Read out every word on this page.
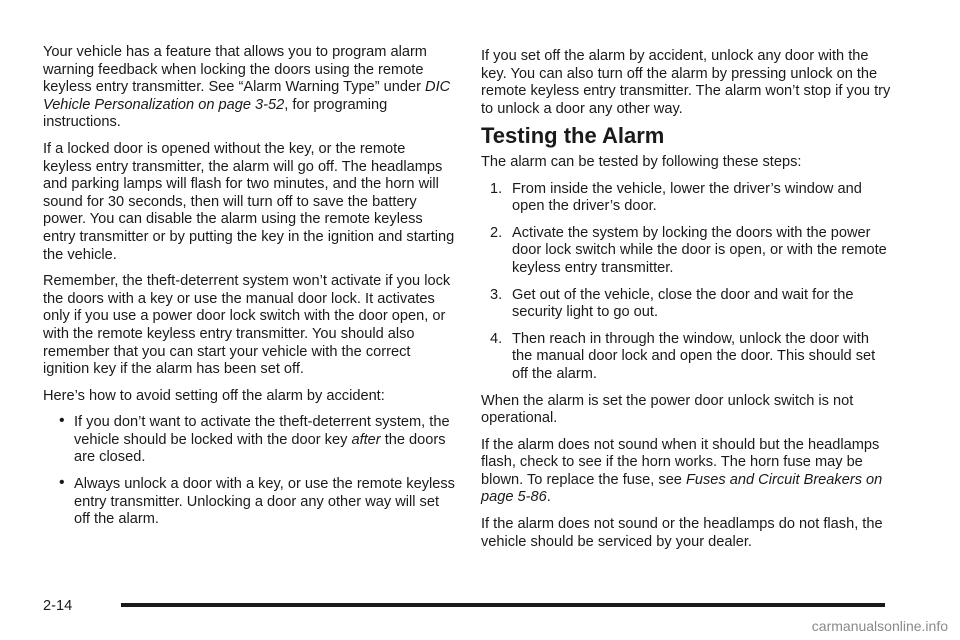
Your vehicle has a feature that allows you to program alarm warning feedback when locking the doors using the remote keyless entry transmitter. See “Alarm Warning Type” under DIC Vehicle Personalization on page 3-52, for programing instructions.

If a locked door is opened without the key, or the remote keyless entry transmitter, the alarm will go off. The headlamps and parking lamps will flash for two minutes, and the horn will sound for 30 seconds, then will turn off to save the battery power. You can disable the alarm using the remote keyless entry transmitter or by putting the key in the ignition and starting the vehicle.

Remember, the theft-deterrent system won’t activate if you lock the doors with a key or use the manual door lock. It activates only if you use a power door lock switch with the door open, or with the remote keyless entry transmitter. You should also remember that you can start your vehicle with the correct ignition key if the alarm has been set off.

Here’s how to avoid setting off the alarm by accident:

• If you don’t want to activate the theft-deterrent system, the vehicle should be locked with the door key after the doors are closed.
• Always unlock a door with a key, or use the remote keyless entry transmitter. Unlocking a door any other way will set off the alarm.

If you set off the alarm by accident, unlock any door with the key. You can also turn off the alarm by pressing unlock on the remote keyless entry transmitter. The alarm won’t stop if you try to unlock a door any other way.

Testing the Alarm

The alarm can be tested by following these steps:

1. From inside the vehicle, lower the driver’s window and open the driver’s door.
2. Activate the system by locking the doors with the power door lock switch while the door is open, or with the remote keyless entry transmitter.
3. Get out of the vehicle, close the door and wait for the security light to go out.
4. Then reach in through the window, unlock the door with the manual door lock and open the door. This should set off the alarm.

When the alarm is set the power door unlock switch is not operational.

If the alarm does not sound when it should but the headlamps flash, check to see if the horn works. The horn fuse may be blown. To replace the fuse, see Fuses and Circuit Breakers on page 5-86.

If the alarm does not sound or the headlamps do not flash, the vehicle should be serviced by your dealer.

2-14
carmanualsonline.info
